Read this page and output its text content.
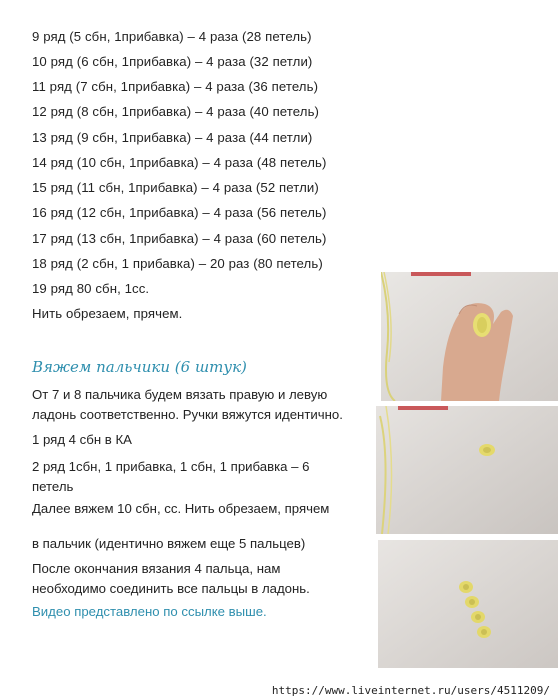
9 ряд (5 сбн, 1прибавка) – 4 раза (28 петель)
10 ряд (6 сбн, 1прибавка) – 4 раза (32 петли)
11 ряд (7 сбн, 1прибавка) – 4 раза (36 петель)
12 ряд (8 сбн, 1прибавка) – 4 раза (40 петель)
13 ряд (9 сбн, 1прибавка) – 4 раза (44 петли)
14 ряд (10 сбн, 1прибавка) – 4 раза (48 петель)
15 ряд (11 сбн, 1прибавка) – 4 раза (52 петли)
16 ряд (12 сбн, 1прибавка) – 4 раза (56 петель)
17 ряд (13 сбн, 1прибавка) – 4 раза (60 петель)
18 ряд (2 сбн, 1 прибавка) – 20 раз (80 петель)
19 ряд 80 сбн, 1сс.
Нить обрезаем, прячем.
Вяжем пальчики (6 штук)
От 7 и 8 пальчика будем вязать правую и левую ладонь соответственно. Ручки вяжутся идентично.
1 ряд 4 сбн в КА
2 ряд 1сбн, 1 прибавка, 1 сбн, 1 прибавка – 6 петель
Далее вяжем 10 сбн, сс. Нить обрезаем, прячем
в пальчик (идентично вяжем еще 5 пальцев)
После окончания вязания 4 пальца, нам необходимо соединить все пальцы в ладонь.
Видео представлено по ссылке выше.
https://www.liveinternet.ru/users/4511209/
